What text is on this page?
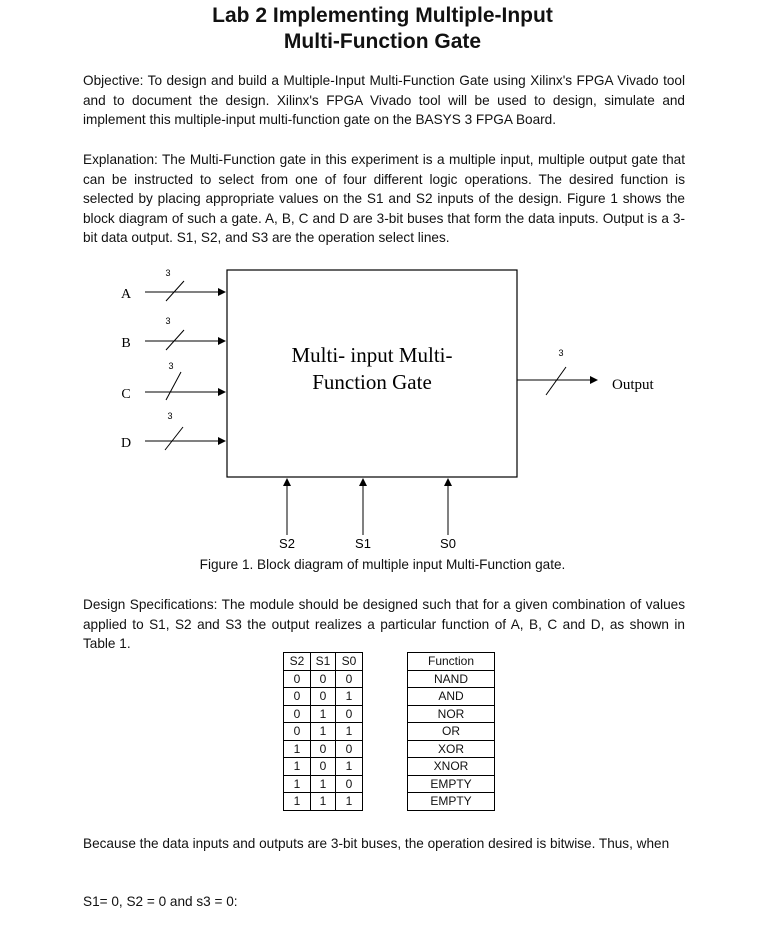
Lab 2 Implementing Multiple-Input
Multi-Function Gate
Objective: To design and build a Multiple-Input Multi-Function Gate using Xilinx's FPGA Vivado tool and to document the design. Xilinx's FPGA Vivado tool will be used to design, simulate and implement this multiple-input multi-function gate on the BASYS 3 FPGA Board.
Explanation: The Multi-Function gate in this experiment is a multiple input, multiple output gate that can be instructed to select from one of four different logic operations. The desired function is selected by placing appropriate values on the S1 and S2 inputs of the design. Figure 1 shows the block diagram of such a gate. A, B, C and D are 3-bit buses that form the data inputs. Output is a 3-bit data output. S1, S2, and S3 are the operation select lines.
Multi- input Multi-
Function Gate
A
3
B
3
C
3
D
3
3
Output
S2	S1	S0
Figure 1. Block diagram of multiple input Multi-Function gate.
Design Specifications: The module should be designed such that for a given combination of values applied to S1, S2 and S3 the output realizes a particular function of A, B, C and D, as shown in Table 1.
S2	S1	S0		Function
0	0	0		NAND
0	0	1		AND
0	1	0		NOR
0	1	1		OR
1	0	0		XOR
1	0	1		XNOR
1	1	0		EMPTY
1	1	1		EMPTY
Because the data inputs and outputs are 3-bit buses, the operation desired is bitwise. Thus, when
S1= 0, S2 = 0 and s3 = 0:
